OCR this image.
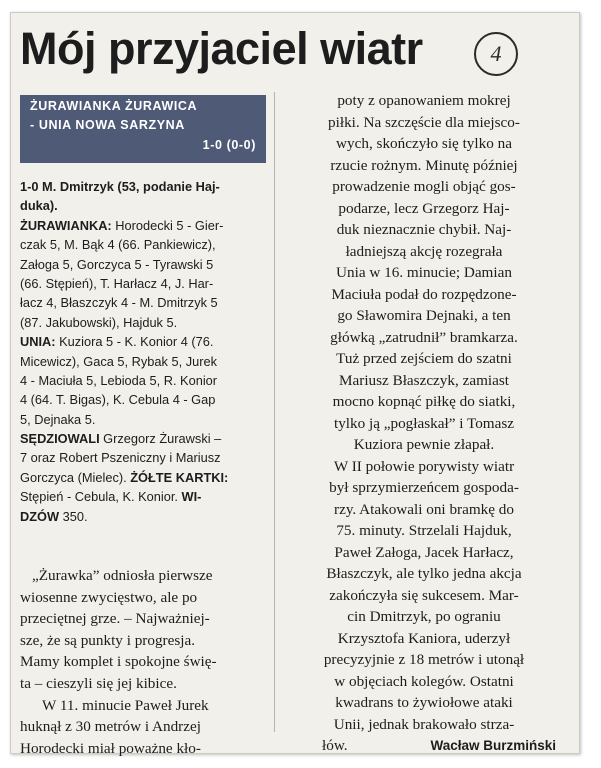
Mój przyjaciel wiatr	4
ŻURAWIANKA ŻURAWICA
- UNIA NOWA SARZYNA
1-0 (0-0)
1-0 M. Dmitrzyk (53, podanie Haj-
duka).
ŻURAWIANKA: Horodecki 5 - Gier-
czak 5, M. Bąk 4 (66. Pankiewicz),
Załoga 5, Gorczyca 5 - Tyrawski 5
(66. Stępień), T. Harłacz 4, J. Har-
łacz 4, Błaszczyk 4 - M. Dmitrzyk 5
(87. Jakubowski), Hajduk 5.
UNIA: Kuziora 5 - K. Konior 4 (76.
Micewicz), Gaca 5, Rybak 5, Jurek
4 - Maciuła 5, Lebioda 5, R. Konior
4 (64. T. Bigas), K. Cebula 4 - Gap
5, Dejnaka 5.
SĘDZIOWALI Grzegorz Żurawski –
7 oraz Robert Pszeniczny i Mariusz
Gorczyca (Mielec). ŻÓŁTE KARTKI:
Stępień - Cebula, K. Konior. WI-
DZÓW 350.
„Żurawka” odniosła pierwsze
wiosenne zwycięstwo, ale po
przeciętnej grze. – Najważniej-
sze, że są punkty i progresja.
Mamy komplet i spokojne świę-
ta – cieszyli się jej kibice.
W 11. minucie Paweł Jurek
huknął z 30 metrów i Andrzej
Horodecki miał poważne kło-
poty z opanowaniem mokrej
piłki. Na szczęście dla miejsco-
wych, skończyło się tylko na
rzucie rożnym. Minutę później
prowadzenie mogli objąć gos-
podarze, lecz Grzegorz Haj-
duk nieznacznie chybił. Naj-
ładniejszą akcję rozegrała
Unia w 16. minucie; Damian
Maciuła podał do rozpędzone-
go Sławomira Dejnaki, a ten
główką „zatrudnił” bramkarza.
Tuż przed zejściem do szatni
Mariusz Błaszczyk, zamiast
mocno kopnąć piłkę do siatki,
tylko ją „pogłaskał” i Tomasz
Kuziora pewnie złapał.
W II połowie porywisty wiatr
był sprzymierzeńcem gospoda-
rzy. Atakowali oni bramkę do
75. minuty. Strzelali Hajduk,
Paweł Załoga, Jacek Harłacz,
Błaszczyk, ale tylko jedna akcja
zakończyła się sukcesem. Mar-
cin Dmitrzyk, po ograniu
Krzysztofa Kaniora, uderzył
precyzyjnie z 18 metrów i utonął
w objęciach kolegów. Ostatni
kwadrans to żywiołowe ataki
Unii, jednak brakowało strza-
łów.	Wacław Burzmiński
